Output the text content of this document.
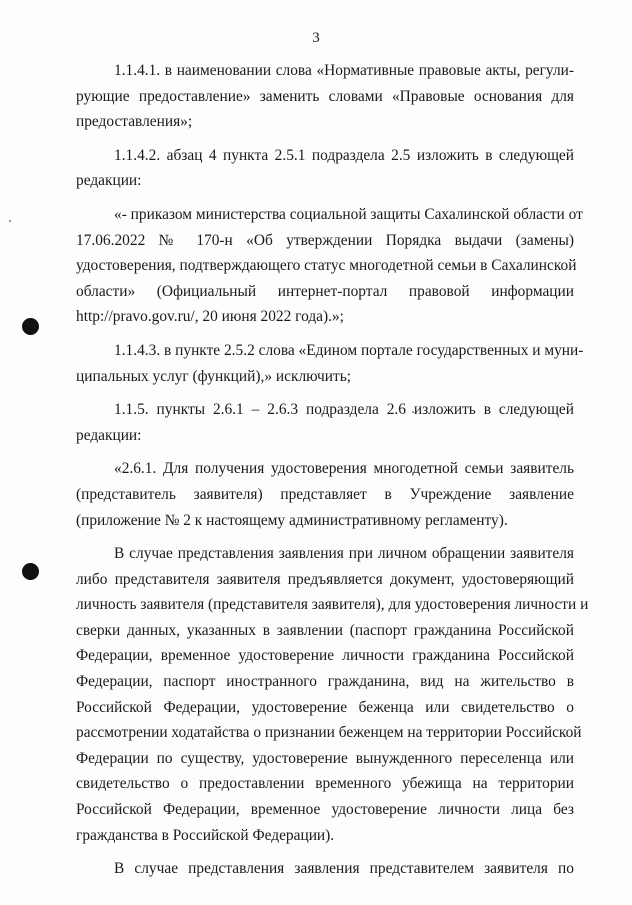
3
1.1.4.1. в наименовании слова «Нормативные правовые акты, регули-
рующие предоставление» заменить словами «Правовые основания для
предоставления»;
1.1.4.2. абзац 4 пункта 2.5.1 подраздела 2.5 изложить в следующей
редакции:
«- приказом министерства социальной защиты Сахалинской области от
17.06.2022 № 170-н «Об утверждении Порядка выдачи (замены)
удостоверения, подтверждающего статус многодетной семьи в Сахалинской
области» (Официальный интернет-портал правовой информации
http://pravo.gov.ru/, 20 июня 2022 года).»;
1.1.4.3. в пункте 2.5.2 слова «Едином портале государственных и муни-
ципальных услуг (функций),» исключить;
1.1.5. пункты 2.6.1 – 2.6.3 подраздела 2.6 изложить в следующей
редакции:
«2.6.1. Для получения удостоверения многодетной семьи заявитель
(представитель заявителя) представляет в Учреждение заявление
(приложение № 2 к настоящему административному регламенту).
В случае представления заявления при личном обращении заявителя
либо представителя заявителя предъявляется документ, удостоверяющий
личность заявителя (представителя заявителя), для удостоверения личности и
сверки данных, указанных в заявлении (паспорт гражданина Российской
Федерации, временное удостоверение личности гражданина Российской
Федерации, паспорт иностранного гражданина, вид на жительство в
Российской Федерации, удостоверение беженца или свидетельство о
рассмотрении ходатайства о признании беженцем на территории Российской
Федерации по существу, удостоверение вынужденного переселенца или
свидетельство о предоставлении временного убежища на территории
Российской Федерации, временное удостоверение личности лица без
гражданства в Российской Федерации).
В случае представления заявления представителем заявителя по
